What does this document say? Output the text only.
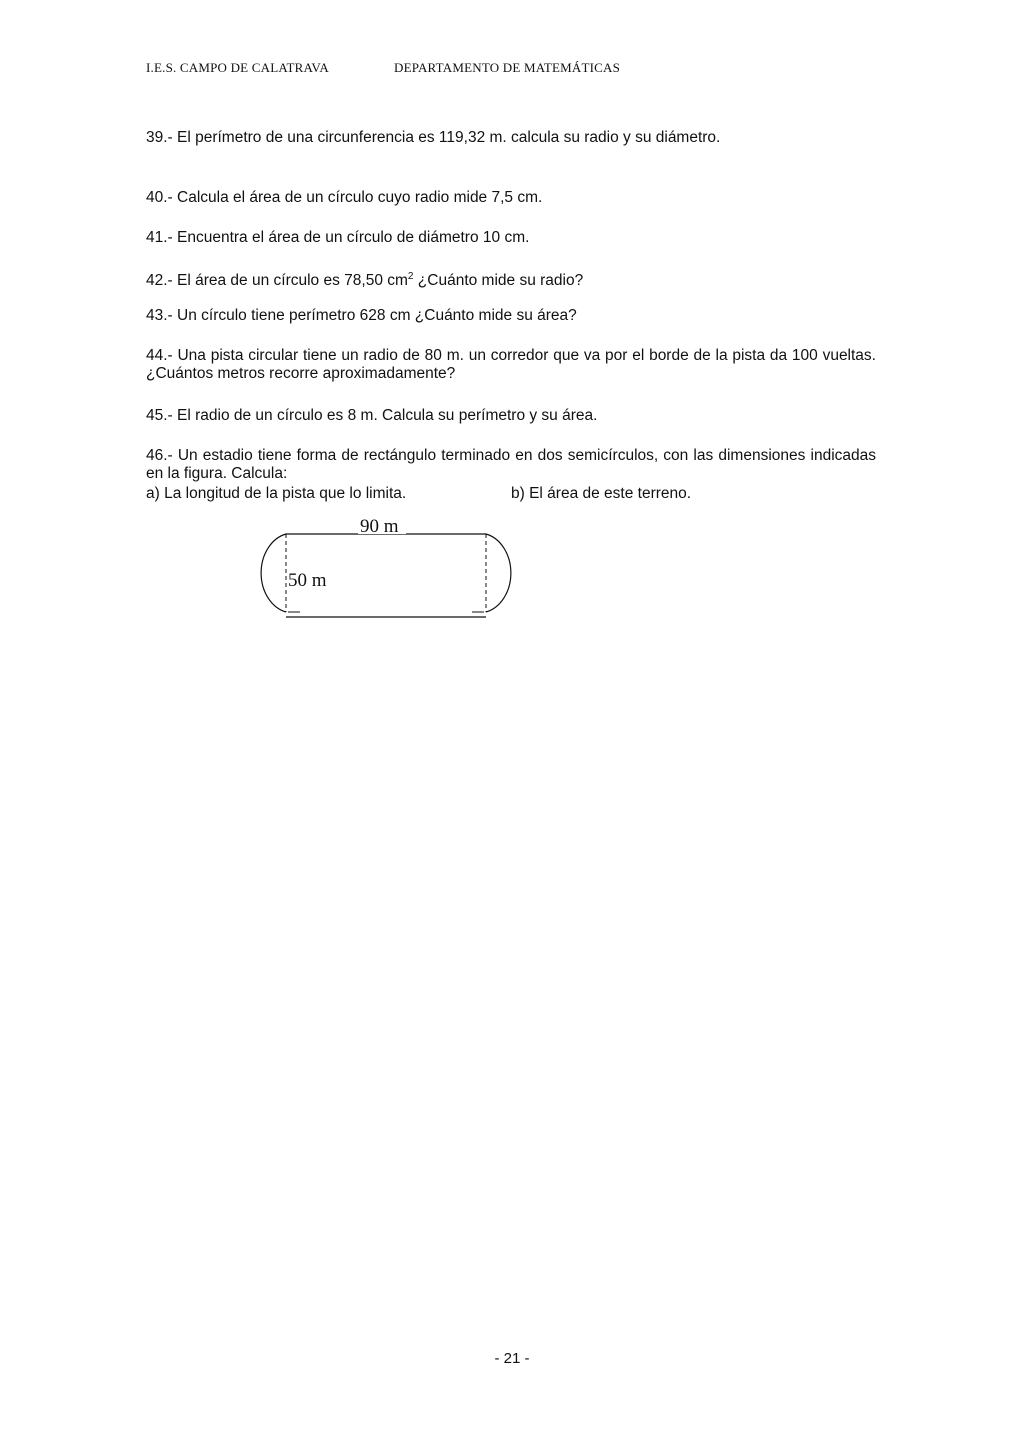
I.E.S. CAMPO DE CALATRAVA	DEPARTAMENTO DE MATEMÁTICAS
39.- El perímetro de una circunferencia es 119,32 m. calcula su radio y su diámetro.
40.- Calcula el área de un círculo cuyo radio mide 7,5 cm.
41.- Encuentra el área de un círculo de diámetro 10 cm.
42.- El área de un círculo es 78,50 $cm^2$ ¿Cuánto mide su radio?
43.- Un círculo tiene perímetro 628 cm ¿Cuánto mide su área?
44.- Una pista circular tiene un radio de 80 m. un corredor que va por el borde de la pista da 100 vueltas. ¿Cuántos metros recorre aproximadamente?
45.- El radio de un círculo es 8 m. Calcula su perímetro y su área.
46.- Un estadio tiene forma de rectángulo terminado en dos semicírculos, con las dimensiones indicadas en la figura. Calcula:
a) La longitud de la pista que lo limita.	b) El área de este terreno.
90 m
50 m
- 21 -
